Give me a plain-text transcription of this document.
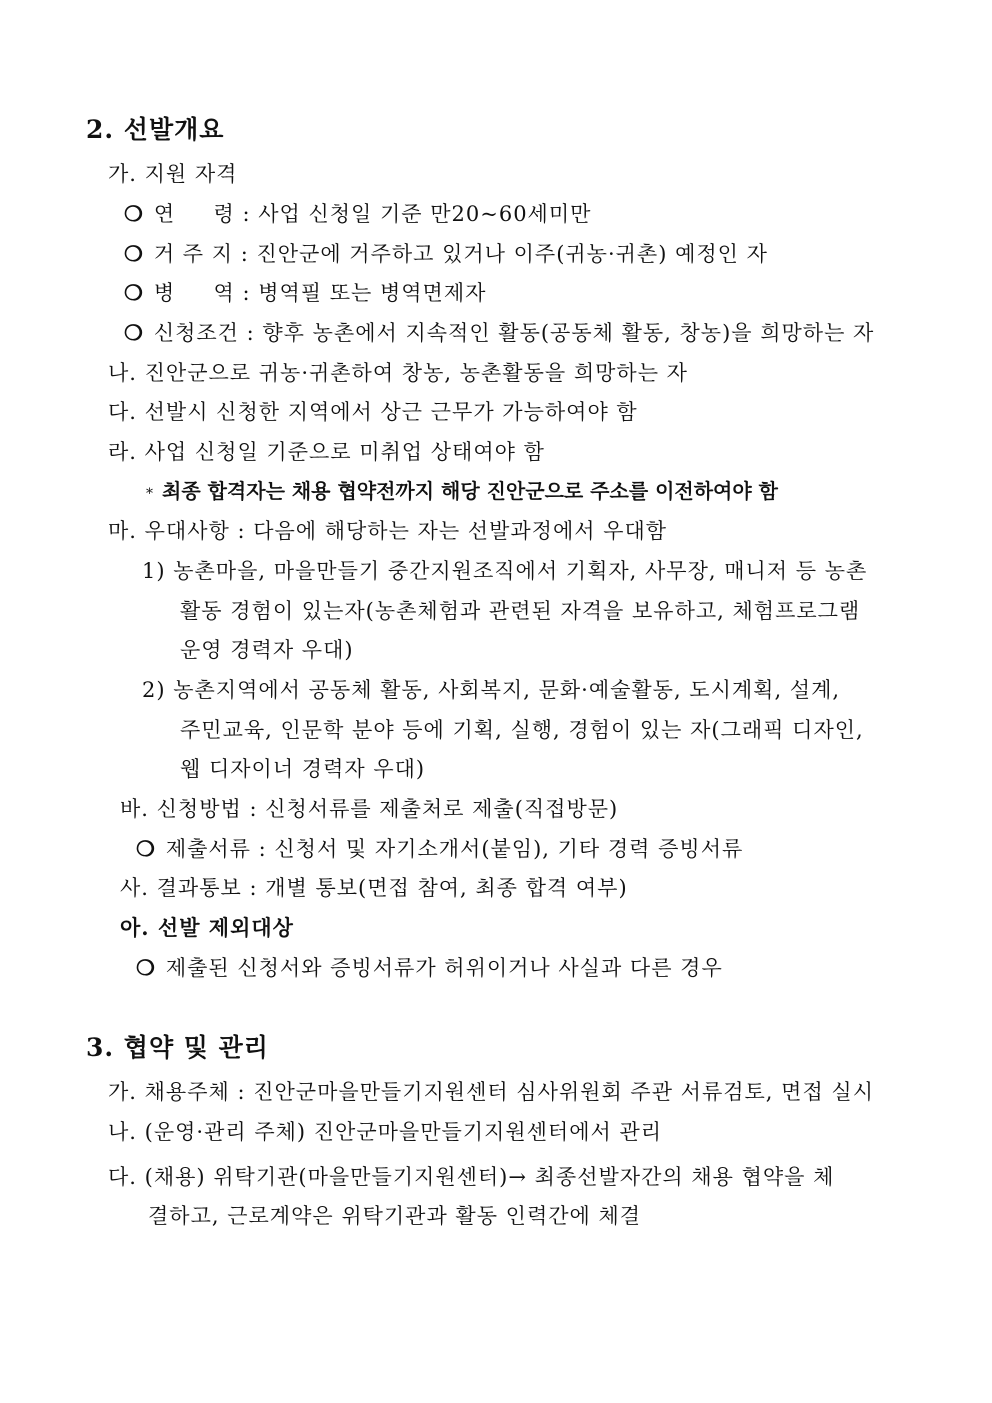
2. 선발개요
가. 지원 자격
❍ 연     령 : 사업 신청일 기준 만20~60세미만
❍ 거 주 지 : 진안군에 거주하고 있거나 이주(귀농·귀촌) 예정인 자
❍ 병     역 : 병역필 또는 병역면제자
❍ 신청조건 : 향후 농촌에서 지속적인 활동(공동체 활동, 창농)을 희망하는 자
나. 진안군으로 귀농·귀촌하여 창농, 농촌활동을 희망하는 자
다. 선발시 신청한 지역에서 상근 근무가 가능하여야 함
라. 사업 신청일 기준으로 미취업 상태여야 함
* 최종 합격자는 채용 협약전까지 해당 진안군으로 주소를 이전하여야 함
마. 우대사항 : 다음에 해당하는 자는 선발과정에서 우대함
1) 농촌마을, 마을만들기 중간지원조직에서 기획자, 사무장, 매니저 등 농촌
활동 경험이 있는자(농촌체험과 관련된 자격을 보유하고, 체험프로그램
운영 경력자 우대)
2) 농촌지역에서 공동체 활동, 사회복지, 문화·예술활동, 도시계획, 설계,
주민교육, 인문학 분야 등에 기획, 실행, 경험이 있는 자(그래픽 디자인,
웹 디자이너 경력자 우대)
바. 신청방법 : 신청서류를 제출처로 제출(직접방문)
❍ 제출서류 : 신청서 및 자기소개서(붙임), 기타 경력 증빙서류
사. 결과통보 : 개별 통보(면접 참여, 최종 합격 여부)
아. 선발 제외대상
❍ 제출된 신청서와 증빙서류가 허위이거나 사실과 다른 경우
3. 협약 및 관리
가. 채용주체 : 진안군마을만들기지원센터 심사위원회 주관 서류검토, 면접 실시
나. (운영·관리 주체) 진안군마을만들기지원센터에서 관리
다. (채용) 위탁기관(마을만들기지원센터)→ 최종선발자간의 채용 협약을 체
결하고, 근로계약은 위탁기관과 활동 인력간에 체결
